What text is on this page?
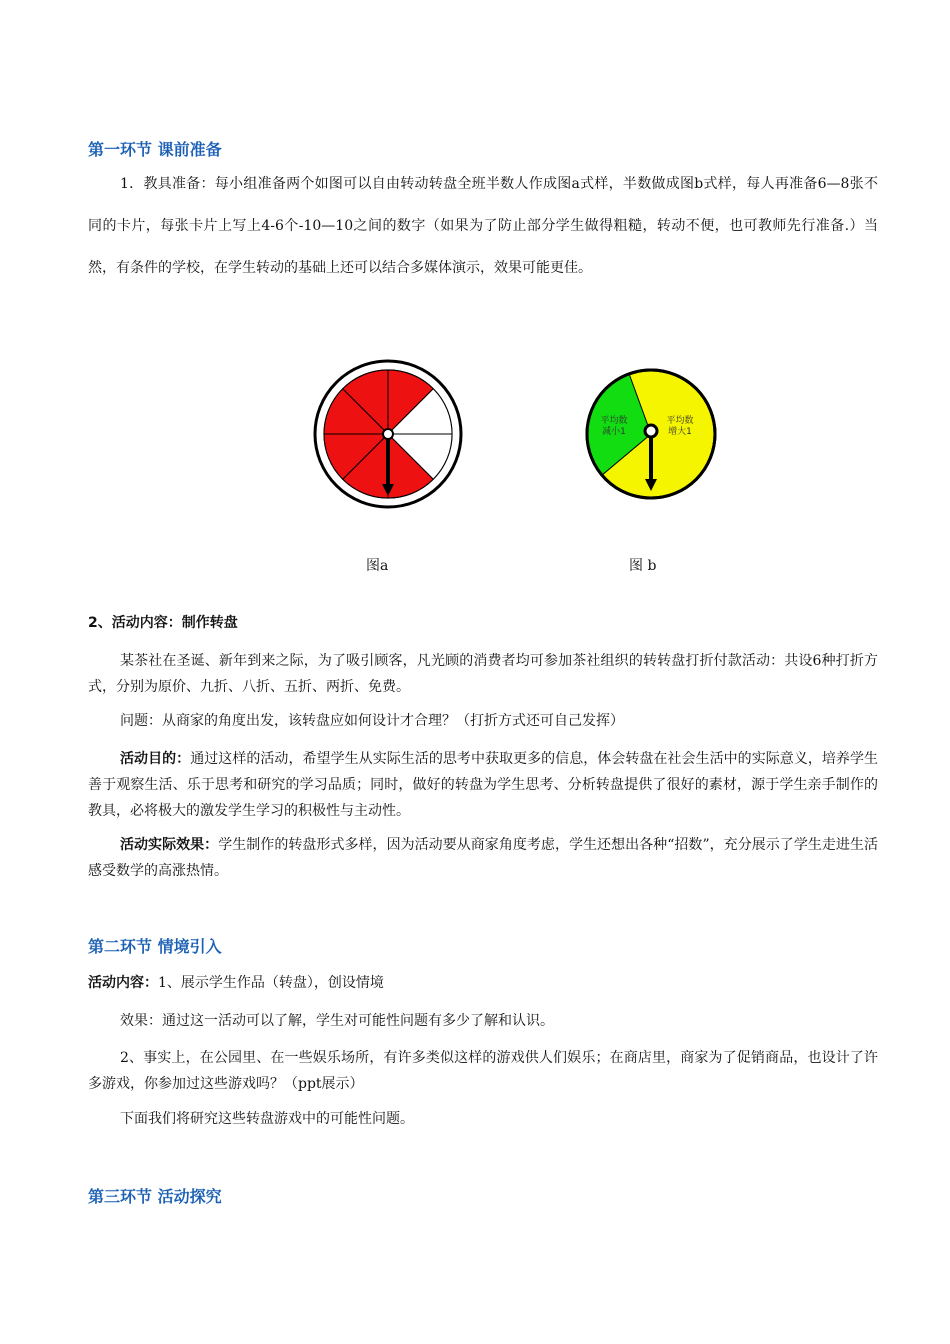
第一环节 课前准备

1．教具准备：每小组准备两个如图可以自由转动转盘全班半数人作成图a式样，半数做成图b式样，每人再准备6—8张不同的卡片，每张卡片上写上4-6个-10—10之间的数字（如果为了防止部分学生做得粗糙，转动不便，也可教师先行准备.）当然，有条件的学校，在学生转动的基础上还可以结合多媒体演示，效果可能更佳。

图a
平均数减小1
平均数增大1
图 b
2、活动内容：制作转盘

某茶社在圣诞、新年到来之际，为了吸引顾客，凡光顾的消费者均可参加茶社组织的转转盘打折付款活动：共设6种打折方式，分别为原价、九折、八折、五折、两折、免费。

问题：从商家的角度出发，该转盘应如何设计才合理？（打折方式还可自己发挥）

活动目的：通过这样的活动，希望学生从实际生活的思考中获取更多的信息，体会转盘在社会生活中的实际意义，培养学生善于观察生活、乐于思考和研究的学习品质；同时，做好的转盘为学生思考、分析转盘提供了很好的素材，源于学生亲手制作的教具，必将极大的激发学生学习的积极性与主动性。

活动实际效果：学生制作的转盘形式多样，因为活动要从商家角度考虑，学生还想出各种“招数”，充分展示了学生走进生活感受数学的高涨热情。

第二环节 情境引入

活动内容：1、展示学生作品（转盘），创设情境

效果：通过这一活动可以了解，学生对可能性问题有多少了解和认识。

2、事实上，在公园里、在一些娱乐场所，有许多类似这样的游戏供人们娱乐；在商店里，商家为了促销商品，也设计了许多游戏，你参加过这些游戏吗？（ppt展示）

下面我们将研究这些转盘游戏中的可能性问题。

第三环节 活动探究
